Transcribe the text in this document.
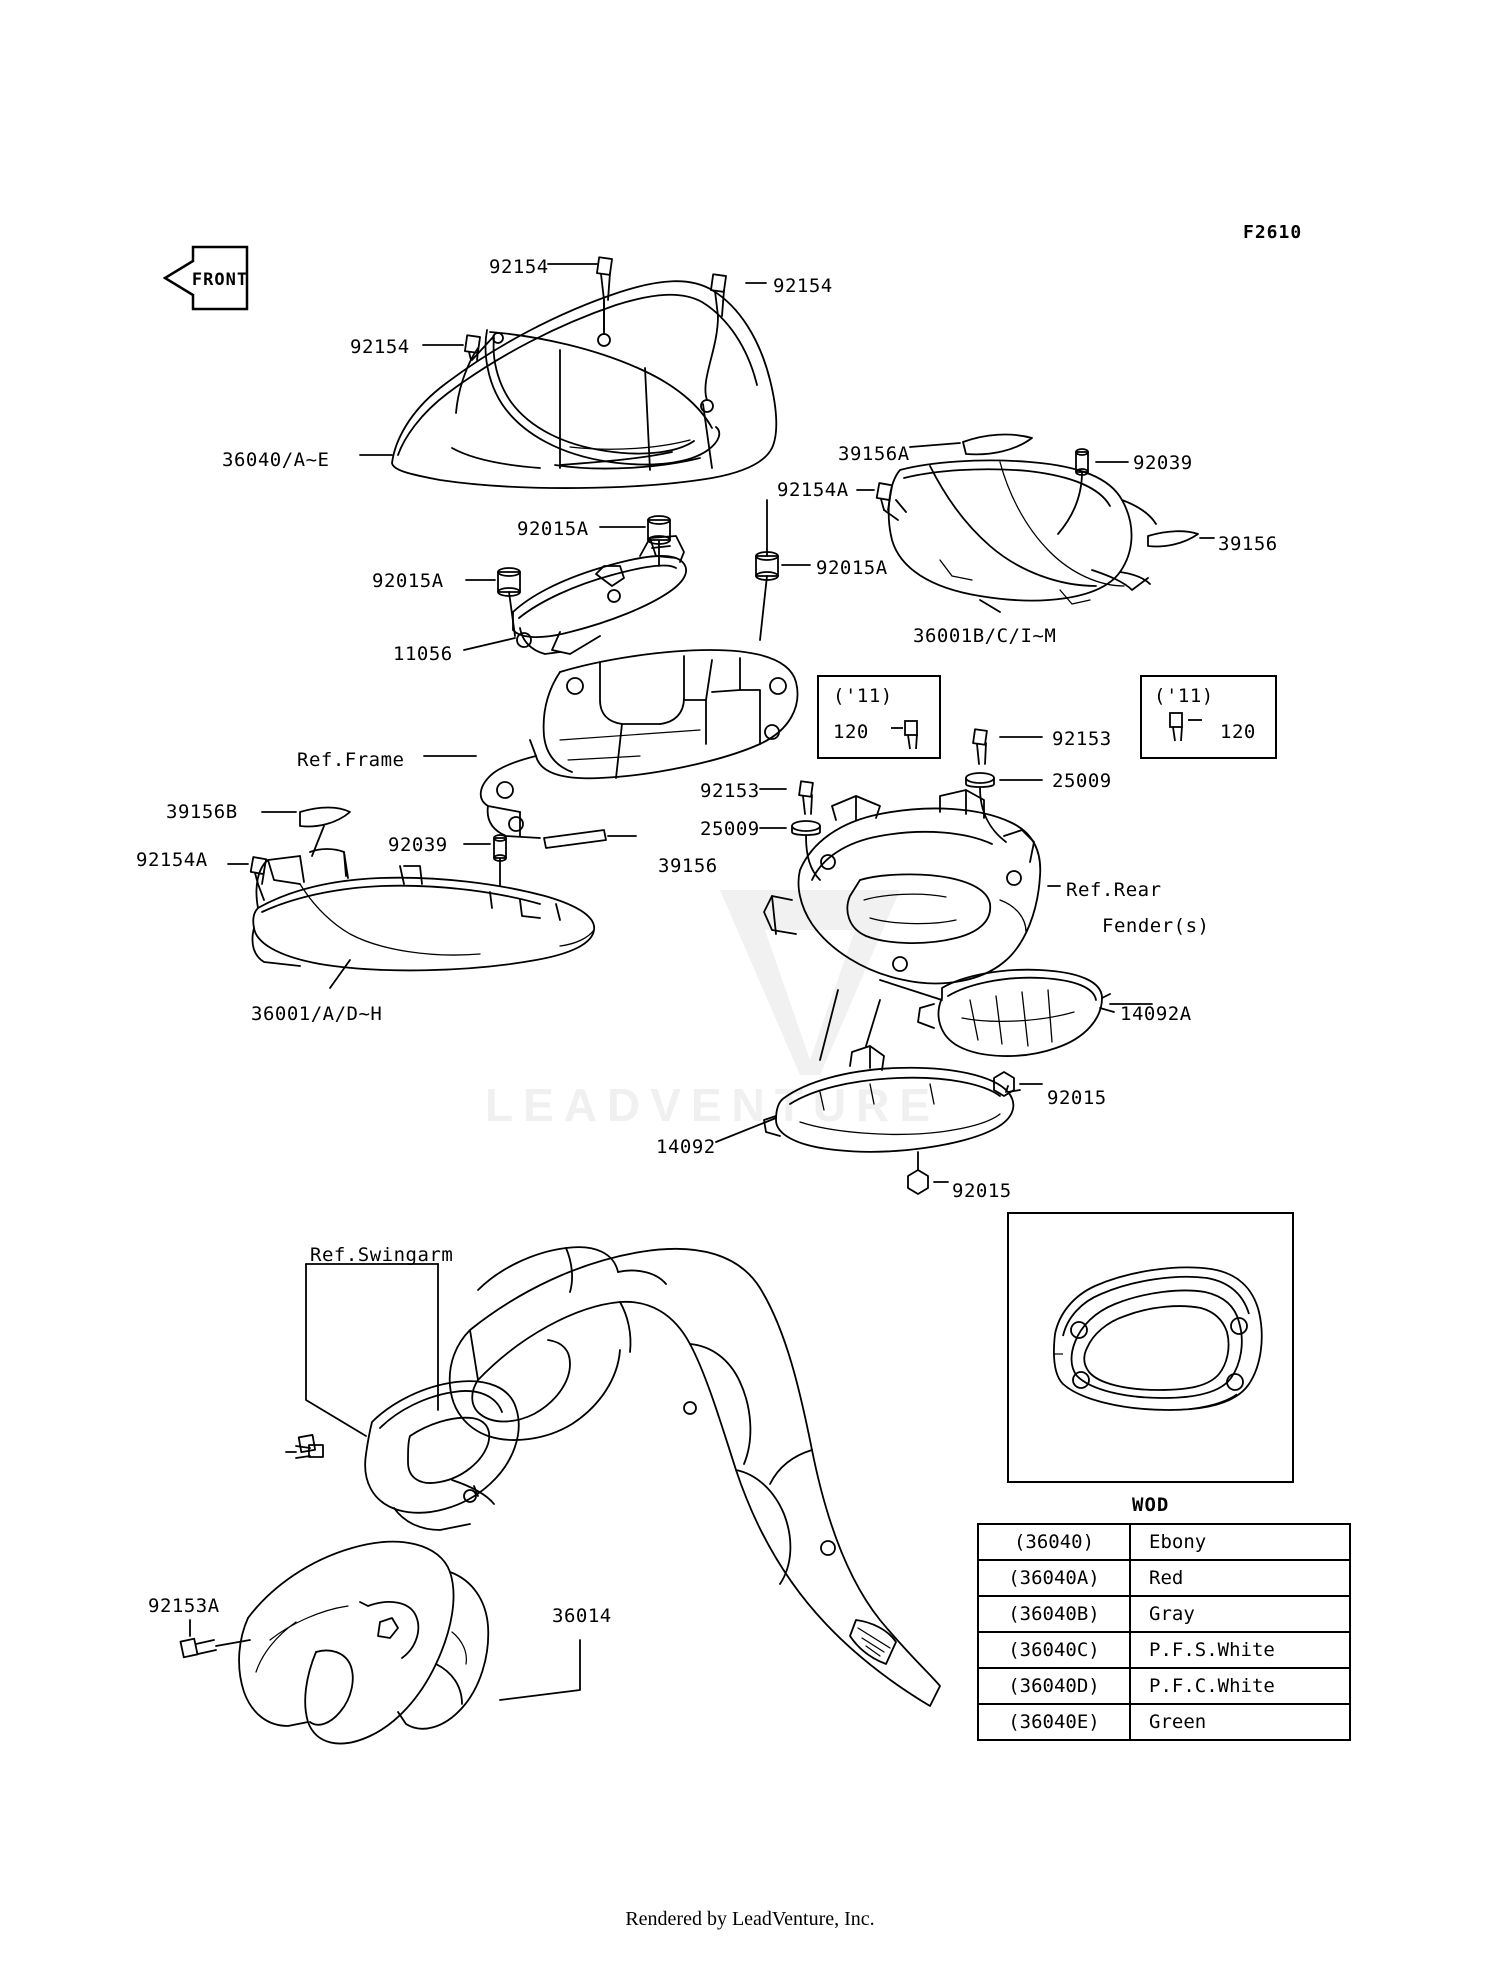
LEADVENTURE
F2610
FRONT
92154
92154
92154
36040/A~E	39156A	92039
92154A
39156
92015A
92015A
92015A
11056
36001B/C/I~M
Ref.Frame
92153
25009
92153
25009
39156B
92154A
92039
39156
Ref.Rear
Fender(s)
36001/A/D~H	14092A
92015
14092
92015
Ref.Swingarm
92153A	36014
('11)
120
('11)
120
WOD
(36040)	Ebony
(36040A)	Red
(36040B)	Gray
(36040C)	P.F.S.White
(36040D)	P.F.C.White
(36040E)	Green
Rendered by LeadVenture, Inc.
